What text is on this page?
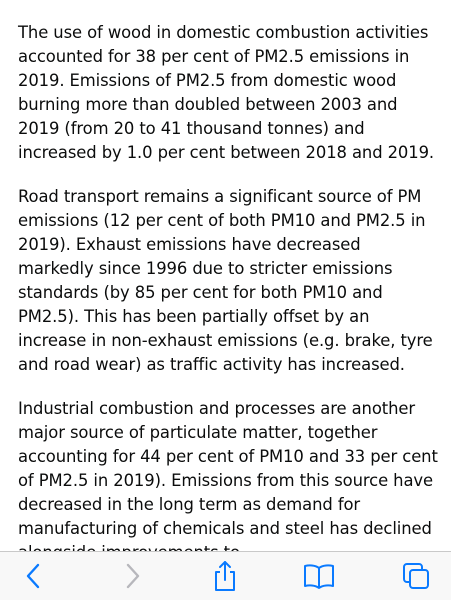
The use of wood in domestic combustion activities accounted for 38 per cent of PM2.5 emissions in 2019. Emissions of PM2.5 from domestic wood burning more than doubled between 2003 and 2019 (from 20 to 41 thousand tonnes) and increased by 1.0 per cent between 2018 and 2019.

Road transport remains a significant source of PM emissions (12 per cent of both PM10 and PM2.5 in 2019). Exhaust emissions have decreased markedly since 1996 due to stricter emissions standards (by 85 per cent for both PM10 and PM2.5). This has been partially offset by an increase in non-exhaust emissions (e.g. brake, tyre and road wear) as traffic activity has increased.

Industrial combustion and processes are another major source of particulate matter, together accounting for 44 per cent of PM10 and 33 per cent of PM2.5 in 2019). Emissions from this source have decreased in the long term as demand for manufacturing of chemicals and steel has declined
